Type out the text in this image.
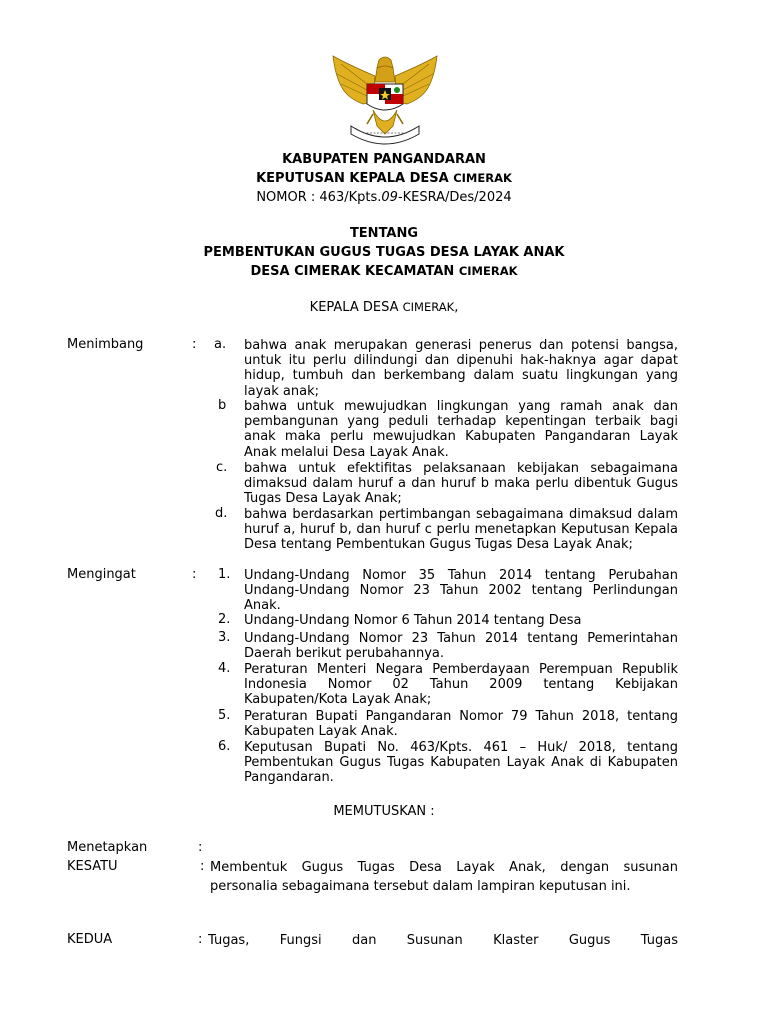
KABUPATEN PANGANDARAN
KEPUTUSAN KEPALA DESA CIMERAK
NOMOR : 463/Kpts.09-KESRA/Des/2024
TENTANG
PEMBENTUKAN GUGUS TUGAS DESA LAYAK ANAK
DESA CIMERAK KECAMATAN CIMERAK
KEPALA DESA CIMERAK,
Menimbang	: a. bahwa anak merupakan generasi penerus dan potensi bangsa, untuk itu perlu dilindungi dan dipenuhi hak-haknya agar dapat hidup, tumbuh dan berkembang dalam suatu lingkungan yang layak anak;
b bahwa untuk mewujudkan lingkungan yang ramah anak dan pembangunan yang peduli terhadap kepentingan terbaik bagi anak maka perlu mewujudkan Kabupaten Pangandaran Layak Anak melalui Desa Layak Anak.
c. bahwa untuk efektifitas pelaksanaan kebijakan sebagaimana dimaksud dalam huruf a dan huruf b maka perlu dibentuk Gugus Tugas Desa Layak Anak;
d. bahwa berdasarkan pertimbangan sebagaimana dimaksud dalam huruf a, huruf b, dan huruf c perlu menetapkan Keputusan Kepala Desa tentang Pembentukan Gugus Tugas Desa Layak Anak;
Mengingat	: 1. Undang-Undang Nomor 35 Tahun 2014 tentang Perubahan Undang-Undang Nomor 23 Tahun 2002 tentang Perlindungan Anak.
2. Undang-Undang Nomor 6 Tahun 2014 tentang Desa
3. Undang-Undang Nomor 23 Tahun 2014 tentang Pemerintahan Daerah berikut perubahannya.
4. Peraturan Menteri Negara Pemberdayaan Perempuan Republik Indonesia Nomor 02 Tahun 2009 tentang Kebijakan Kabupaten/Kota Layak Anak;
5. Peraturan Bupati Pangandaran Nomor 79 Tahun 2018, tentang Kabupaten Layak Anak.
6. Keputusan Bupati No. 463/Kpts. 461 – Huk/ 2018, tentang Pembentukan Gugus Tugas Kabupaten Layak Anak di Kabupaten Pangandaran.
MEMUTUSKAN :
Menetapkan	:
KESATU	: Membentuk Gugus Tugas Desa Layak Anak, dengan susunan personalia sebagaimana tersebut dalam lampiran keputusan ini.
KEDUA	: Tugas, Fungsi dan Susunan Klaster Gugus Tugas
